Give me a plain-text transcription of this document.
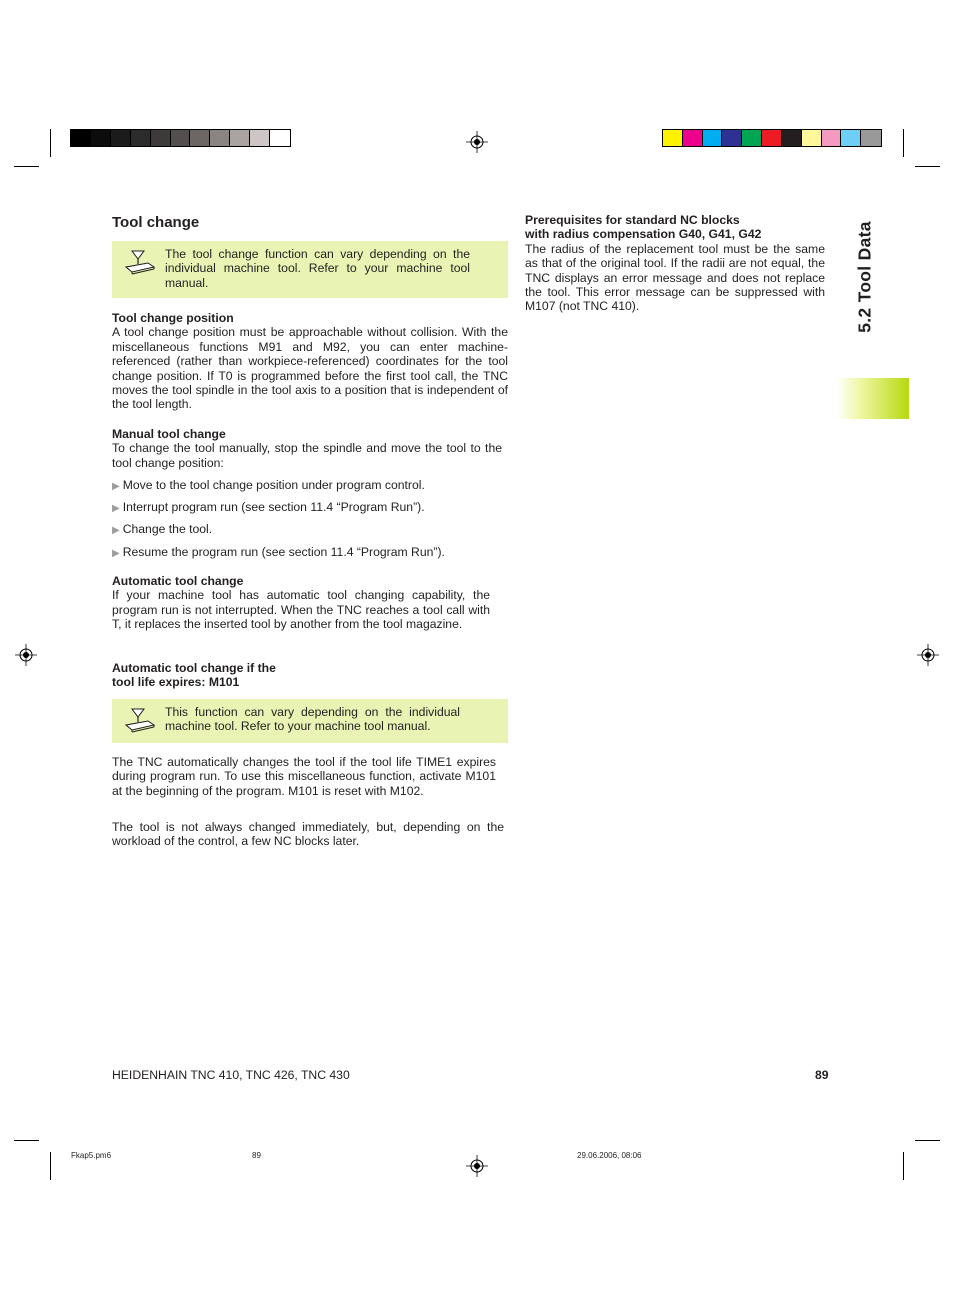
5.2 Tool Data
Tool change
The tool change function can vary depending on the individual machine tool. Refer to your machine tool manual.
Tool change position

A tool change position must be approachable without collision. With the miscellaneous functions M91 and M92, you can enter machine-referenced (rather than workpiece-referenced) coordinates for the tool change position. If T0 is programmed before the first tool call, the TNC moves the tool spindle in the tool axis to a position that is independent of the tool length.

Manual tool change

To change the tool manually, stop the spindle and move the tool to the tool change position:

▶ Move to the tool change position under program control.
▶ Interrupt program run (see section 11.4 “Program Run”).
▶ Change the tool.
▶ Resume the program run (see section 11.4 “Program Run”).
Automatic tool change

If your machine tool has automatic tool changing capability, the program run is not interrupted. When the TNC reaches a tool call with T, it replaces the inserted tool by another from the tool magazine.

Automatic tool change if the
tool life expires: M101
This function can vary depending on the individual machine tool. Refer to your machine tool manual.

The TNC automatically changes the tool if the tool life TIME1 expires during program run. To use this miscellaneous function, activate M101 at the beginning of the program. M101 is reset with M102.

The tool is not always changed immediately, but, depending on the workload of the control, a few NC blocks later.

Prerequisites for standard NC blocks
with radius compensation G40, G41, G42

The radius of the replacement tool must be the same as that of the original tool. If the radii are not equal, the TNC displays an error message and does not replace the tool. This error message can be suppressed with M107 (not TNC 410).

HEIDENHAIN TNC 410, TNC 426, TNC 430	89
Fkap5.pm6	89	29.06.2006, 08:06
